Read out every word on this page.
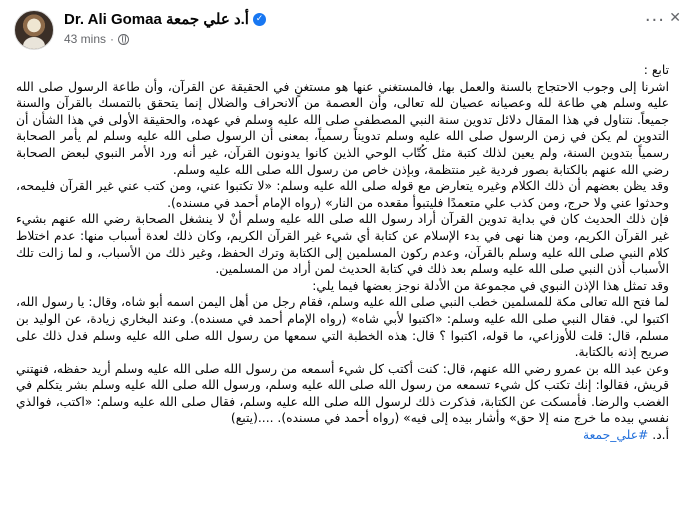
Dr. Ali Gomaa أ.د علي جمعة ✓
43 mins ·
··· ✕

تابع :

اشرنا إلى وجوب الاحتجاج بالسنة والعمل بها، فالمستغني عنها هو مستغنٍ في الحقيقة عن القرآن، وأن طاعة الرسول صلى الله عليه وسلم هي طاعة لله وعصيانه عصيان لله تعالى، وأن العصمة من الانحراف والضلال إنما يتحقق بالتمسك بالقرآن والسنة جميعاً. نتناول في هذا المقال دلائل تدوين سنة النبي المصطفى صلى الله عليه وسلم في عهده، والحقيقة الأولى في هذا الشأن أن التدوين لم يكن في زمن الرسول صلى الله عليه وسلم تدويناً رسمياً، بمعنى أن الرسول صلى الله عليه وسلم لم يأمر الصحابة رسمياً بتدوين السنة، ولم يعين لذلك كتبة مثل كُتّاب الوحي الذين كانوا يدونون القرآن، غير أنه ورد الأمر النبوي لبعض الصحابة رضي الله عنهم بالكتابة بصور فردية غير منتظمة، وبإذن خاص من رسول الله صلى الله عليه وسلم.

وقد يظن بعضهم أن ذلك الكلام وغيره يتعارض مع قوله صلى الله عليه وسلم: «لا تكتبوا عني، ومن كتب عني غير القرآن فليمحه، وحدثوا عني ولا حرج، ومن كذب علي متعمدًا فليتبوأ مقعده من النار» (رواه الإمام أحمد في مسنده).

فإن ذلك الحديث كان في بداية تدوين القرآن أراد رسول الله صلى الله عليه وسلم أنْ لا ينشغل الصحابة رضي الله عنهم بشيء غير القرآن الكريم، ومن هنا نهى في بدء الإسلام عن كتابة أي شيء غير القرآن الكريم، وكان ذلك لعدة أسباب منها: عدم اختلاط كلام النبي صلى الله عليه وسلم بالقرآن، وعدم ركون المسلمين إلى الكتابة وترك الحفظ، وغير ذلك من الأسباب، و لما زالت تلك الأسباب أذن النبي صلى الله عليه وسلم بعد ذلك في كتابة الحديث لمن أراد من المسلمين.

وقد تمثل هذا الإذن النبوي في مجموعة من الأدلة نوجز بعضها فيما يلي:

لما فتح الله تعالى مكة للمسلمين خطب النبي صلى الله عليه وسلم، فقام رجل من أهل اليمن اسمه أبو شاه، وقال: يا رسول الله، اكتبوا لي. فقال النبي صلى الله عليه وسلم: «اكتبوا لأبي شاه» (رواه الإمام أحمد في مسنده). وعند البخاري زيادة، عن الوليد بن مسلم، قال: قلت للأوزاعي، ما قوله، اكتبوا ؟ قال: هذه الخطبة التي سمعها من رسول الله صلى الله عليه وسلم فدل ذلك على صريح إذنه بالكتابة.

وعن عبد الله بن عمرو رضي الله عنهم، قال: كنت أكتب كل شيء أسمعه من رسول الله صلى الله عليه وسلم أريد حفظه، فنهتني قريش، فقالوا: إنك تكتب كل شيء تسمعه من رسول الله صلى الله عليه وسلم، ورسول الله صلى الله عليه وسلم بشر يتكلم في الغضب والرضا. فأمسكت عن الكتابة، فذكرت ذلك لرسول الله صلى الله عليه وسلم، فقال صلى الله عليه وسلم: «اكتب، فوالذي نفسي بيده ما خرج منه إلا حق» وأشار بيده إلى فيه» (رواه أحمد في مسنده). ....(يتبع)

أ.د. #علي_جمعة
